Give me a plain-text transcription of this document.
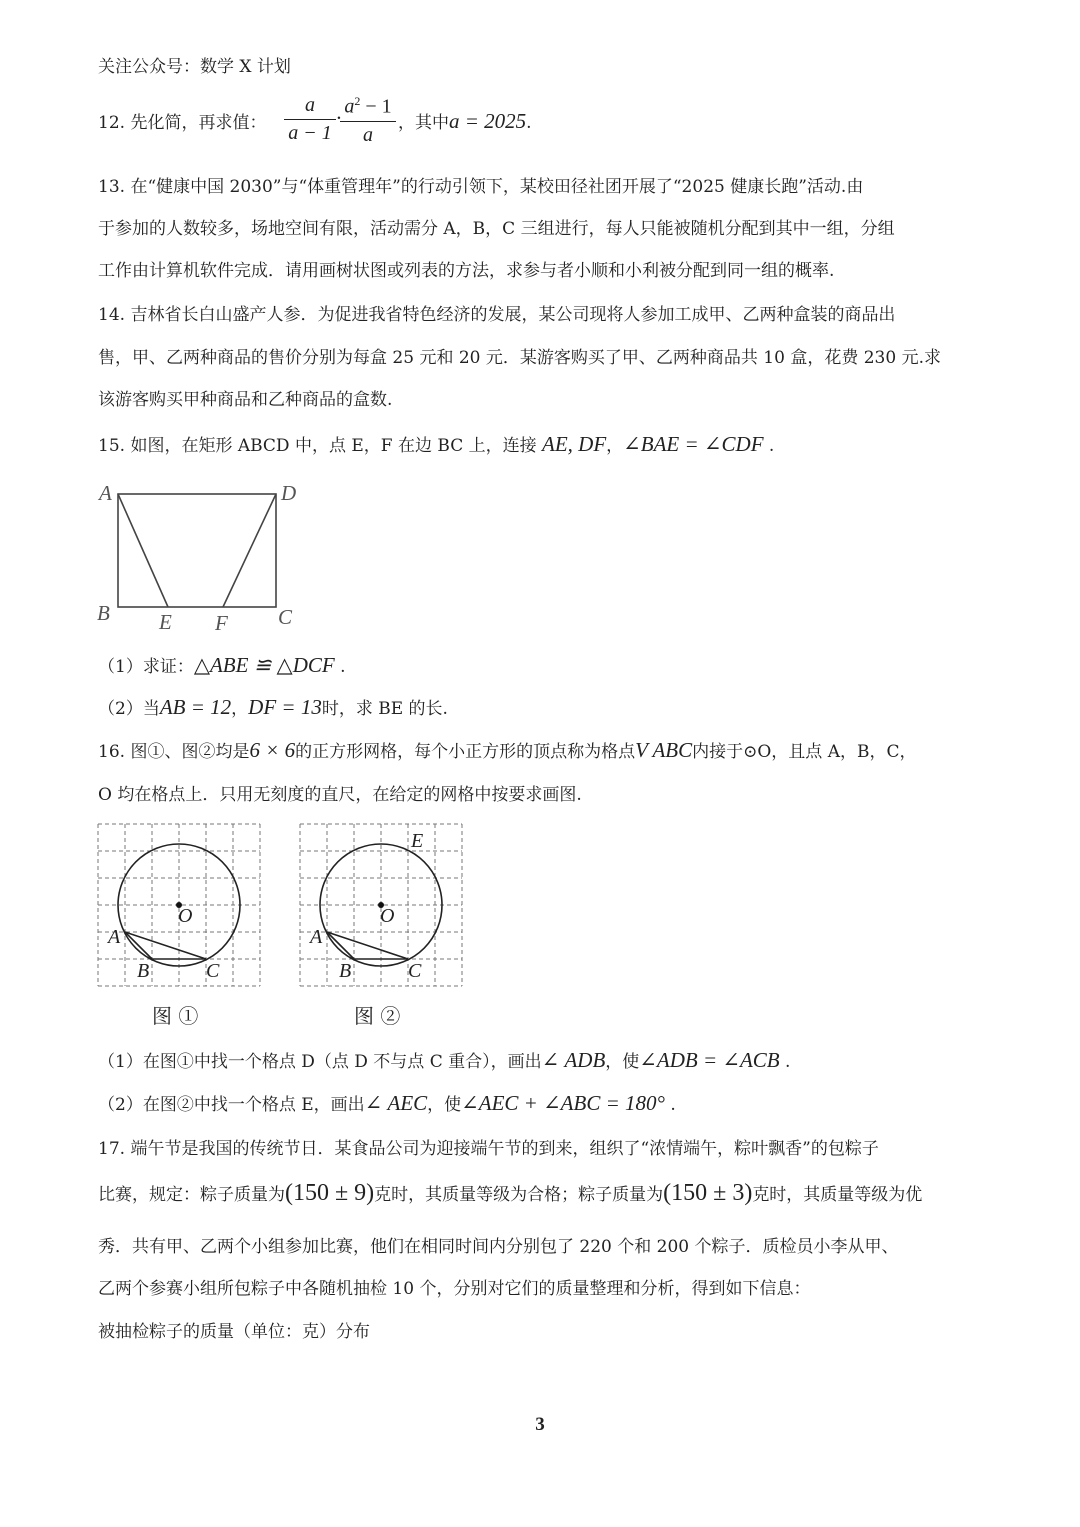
关注公众号：数学 X 计划
12. 先化简，再求值： $\frac{a}{a - 1}$ ·
$\frac{a^2 - 1}{a}$ ，其中a = 2025.
13. 在“健康中国 2030”与“体重管理年”的行动引领下，某校田径社团开展了“2025 健康长跑”活动.由
于参加的人数较多，场地空间有限，活动需分 A，B，C 三组进行，每人只能被随机分配到其中一组，分组
工作由计算机软件完成．请用画树状图或列表的方法，求参与者小顺和小利被分配到同一组的概率.
14. 吉林省长白山盛产人参．为促进我省特色经济的发展，某公司现将人参加工成甲、乙两种盒装的商品出
售，甲、乙两种商品的售价分别为每盒 25 元和 20 元．某游客购买了甲、乙两种商品共 10 盒，花费 230 元.求
该游客购买甲种商品和乙种商品的盒数.
15. 如图，在矩形 ABCD 中，点 E，F 在边 BC 上，连接 AE, DF，∠BAE = ∠CDF .
A	D
B	C
E F
（1）求证：△ABE ≌ △DCF .
（2）当AB = 12，DF = 13时，求 BE 的长.
16. 图①、图②均是6 × 6的正方形网格，每个小正方形的顶点称为格点V ABC内接于⊙O，且点 A，B，C，
O 均在格点上．只用无刻度的直尺，在给定的网格中按要求画图.
A
B	C
O
图 ①
A
B	C
O
E
图 ②
（1）在图①中找一个格点 D（点 D 不与点 C 重合），画出∠ ADB，使∠ADB = ∠ACB .
（2）在图②中找一个格点 E，画出∠ AEC，使∠AEC + ∠ABC = 180° .
17. 端午节是我国的传统节日．某食品公司为迎接端午节的到来，组织了“浓情端午，粽叶飘香”的包粽子
比赛，规定：粽子质量为(150 ± 9)克时，其质量等级为合格；粽子质量为(150 ± 3)克时，其质量等级为优
秀．共有甲、乙两个小组参加比赛，他们在相同时间内分别包了 220 个和 200 个粽子．质检员小李从甲、
乙两个参赛小组所包粽子中各随机抽检 10 个，分别对它们的质量整理和分析，得到如下信息：
被抽检粽子的质量（单位：克）分布
3
